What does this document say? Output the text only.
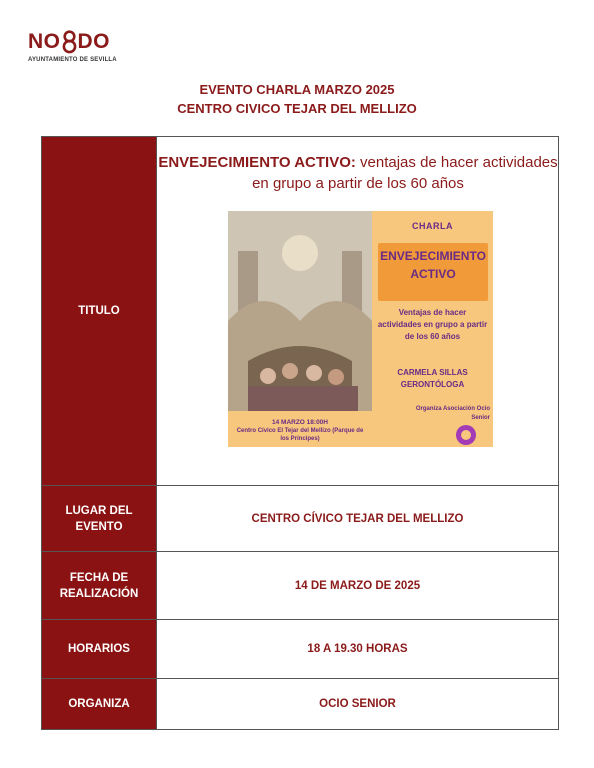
NO DO
AYUNTAMIENTO DE SEVILLA
EVENTO CHARLA MARZO 2025
CENTRO CIVICO TEJAR DEL MELLIZO
TITULO
ENVEJECIMIENTO ACTIVO: ventajas de hacer actividades en grupo a partir de los 60 años
CHARLA
ENVEJECIMIENTO ACTIVO
Ventajas de hacer actividades en grupo a partir de los 60 años
CARMELA SILLAS GERONTÓLOGA
Organiza Asociación Ocio Senior
14 MARZO 18:00H
Centro Cívico El Tejar del Mellizo (Parque de los Príncipes)
LUGAR DEL EVENTO
CENTRO CÍVICO TEJAR DEL MELLIZO
FECHA DE REALIZACIÓN
14 DE MARZO DE 2025
HORARIOS	18 A 19.30 HORAS
ORGANIZA	OCIO SENIOR
